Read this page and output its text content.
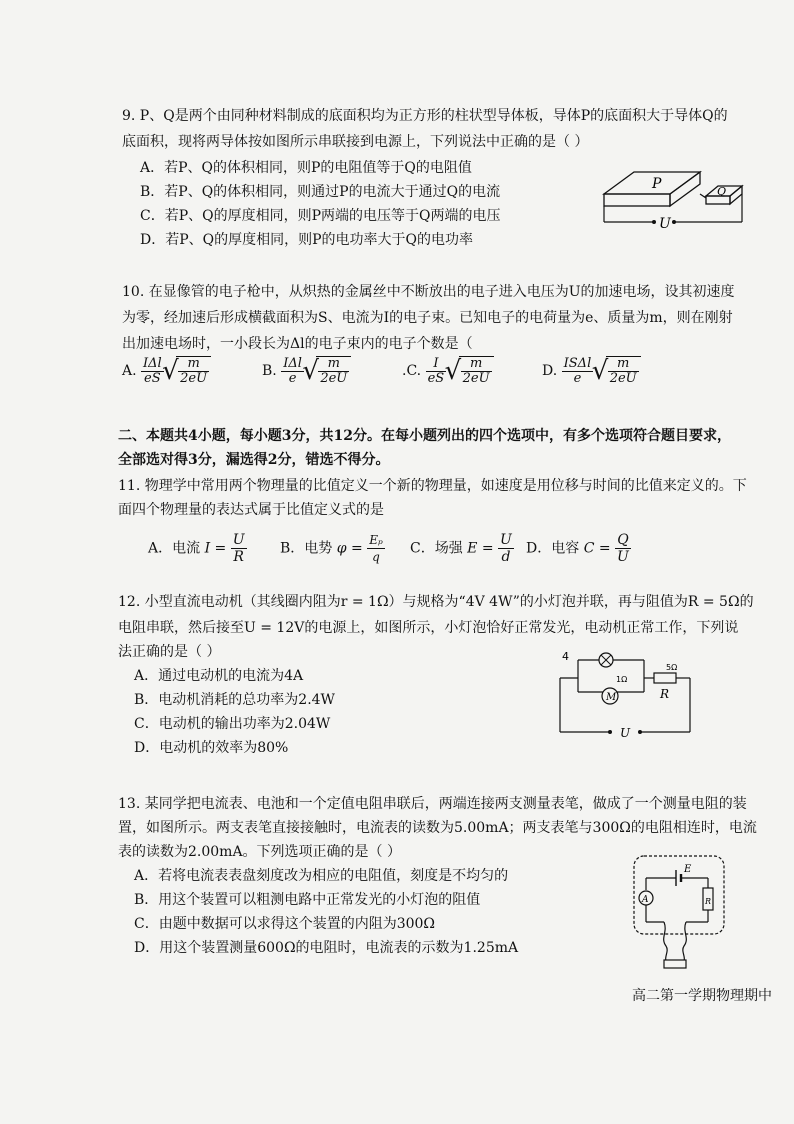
9. P、Q是两个由同种材料制成的底面积均为正方形的柱状型导体板，导体P的底面积大于导体Q的
底面积，现将两导体按如图所示串联接到电源上，下列说法中正确的是（ ）
A．若P、Q的体积相同，则P的电阻值等于Q的电阻值
B．若P、Q的体积相同，则通过P的电流大于通过Q的电流
C．若P、Q的厚度相同，则P两端的电压等于Q两端的电压
D．若P、Q的厚度相同，则P的电功率大于Q的电功率
P	Q
U
10. 在显像管的电子枪中，从炽热的金属丝中不断放出的电子进入电压为U的加速电场，设其初速度
为零，经加速后形成横截面积为S、电流为I的电子束。已知电子的电荷量为e、质量为m，则在刚射
出加速电场时，一小段长为Δl的电子束内的电子个数是（
A. $\frac{\text{IΔl}}{eS}$

√ $\frac{m}{2eU}$	B. $\frac{\text{IΔl}}{e}$

√ $\frac{m}{2eU}$	.C. $\frac{I}{eS}$

√ $\frac{m}{2eU}$	D. $\frac{\text{ISΔl}}{e}$

√ $\frac{m}{2eU}$
二、本题共4小题，每小题3分，共12分。在每小题列出的四个选项中，有多个选项符合题目要求，
全部选对得3分，漏选得2分，错选不得分。
11. 物理学中常用两个物理量的比值定义一个新的物理量，如速度是用位移与时间的比值来定义的。下
面四个物理量的表达式属于比值定义式的是
A．电流 $I = \frac{U}{R}$ B．电势 $\varphi = \frac{\text{Eₚ}}{q}$ C．场强 $E = \frac{U}{d}$ D．电容 $C = \frac{Q}{U}$
12. 小型直流电动机（其线圈内阻为r = 1Ω）与规格为“4V 4W”的小灯泡并联，再与阻值为R = 5Ω的
电阻串联，然后接至U = 12V的电源上，如图所示，小灯泡恰好正常发光，电动机正常工作，下列说
法正确的是（ ）
A．通过电动机的电流为4A
B．电动机消耗的总功率为2.4W
C．电动机的输出功率为2.04W
D．电动机的效率为80%
4
M
1Ω
5Ω
R
U
13. 某同学把电流表、电池和一个定值电阻串联后，两端连接两支测量表笔，做成了一个测量电阻的装
置，如图所示。两支表笔直接接触时，电流表的读数为5.00mA；两支表笔与300Ω的电阻相连时，电流
表的读数为2.00mA。下列选项正确的是（ ）
A．若将电流表表盘刻度改为相应的电阻值，刻度是不均匀的
B．用这个装置可以粗测电路中正常发光的小灯泡的阻值
C．由题中数据可以求得这个装置的内阻为300Ω
D．用这个装置测量600Ω的电阻时，电流表的示数为1.25mA
E
R
A
高二第一学期物理期中
